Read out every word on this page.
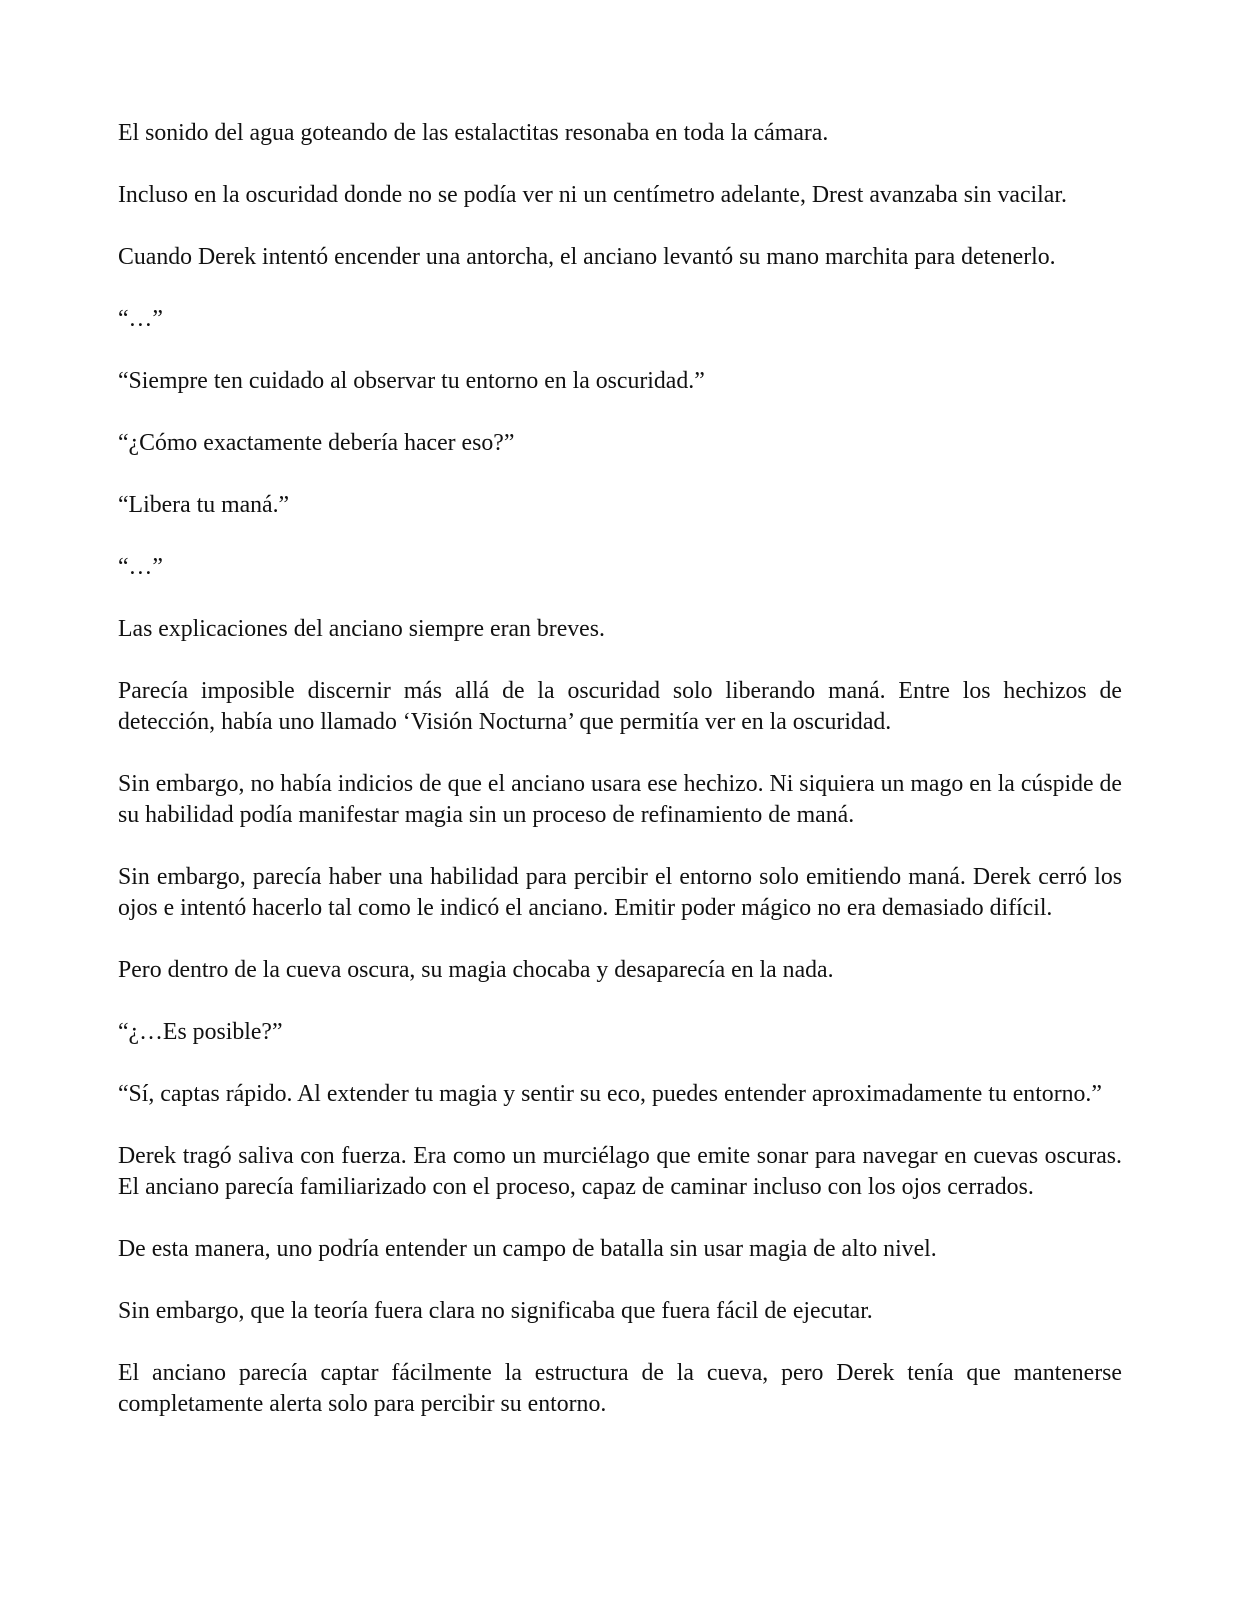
El sonido del agua goteando de las estalactitas resonaba en toda la cámara.

Incluso en la oscuridad donde no se podía ver ni un centímetro adelante, Drest avanzaba sin vacilar.

Cuando Derek intentó encender una antorcha, el anciano levantó su mano marchita para detenerlo.

“…”

“Siempre ten cuidado al observar tu entorno en la oscuridad.”

“¿Cómo exactamente debería hacer eso?”

“Libera tu maná.”

“…”

Las explicaciones del anciano siempre eran breves.

Parecía imposible discernir más allá de la oscuridad solo liberando maná. Entre los hechizos de detección, había uno llamado ‘Visión Nocturna’ que permitía ver en la oscuridad.

Sin embargo, no había indicios de que el anciano usara ese hechizo. Ni siquiera un mago en la cúspide de su habilidad podía manifestar magia sin un proceso de refinamiento de maná.

Sin embargo, parecía haber una habilidad para percibir el entorno solo emitiendo maná. Derek cerró los ojos e intentó hacerlo tal como le indicó el anciano. Emitir poder mágico no era demasiado difícil.

Pero dentro de la cueva oscura, su magia chocaba y desaparecía en la nada.

“¿…Es posible?”

“Sí, captas rápido. Al extender tu magia y sentir su eco, puedes entender aproximadamente tu entorno.”

Derek tragó saliva con fuerza. Era como un murciélago que emite sonar para navegar en cuevas oscuras. El anciano parecía familiarizado con el proceso, capaz de caminar incluso con los ojos cerrados.

De esta manera, uno podría entender un campo de batalla sin usar magia de alto nivel.

Sin embargo, que la teoría fuera clara no significaba que fuera fácil de ejecutar.

El anciano parecía captar fácilmente la estructura de la cueva, pero Derek tenía que mantenerse completamente alerta solo para percibir su entorno.
